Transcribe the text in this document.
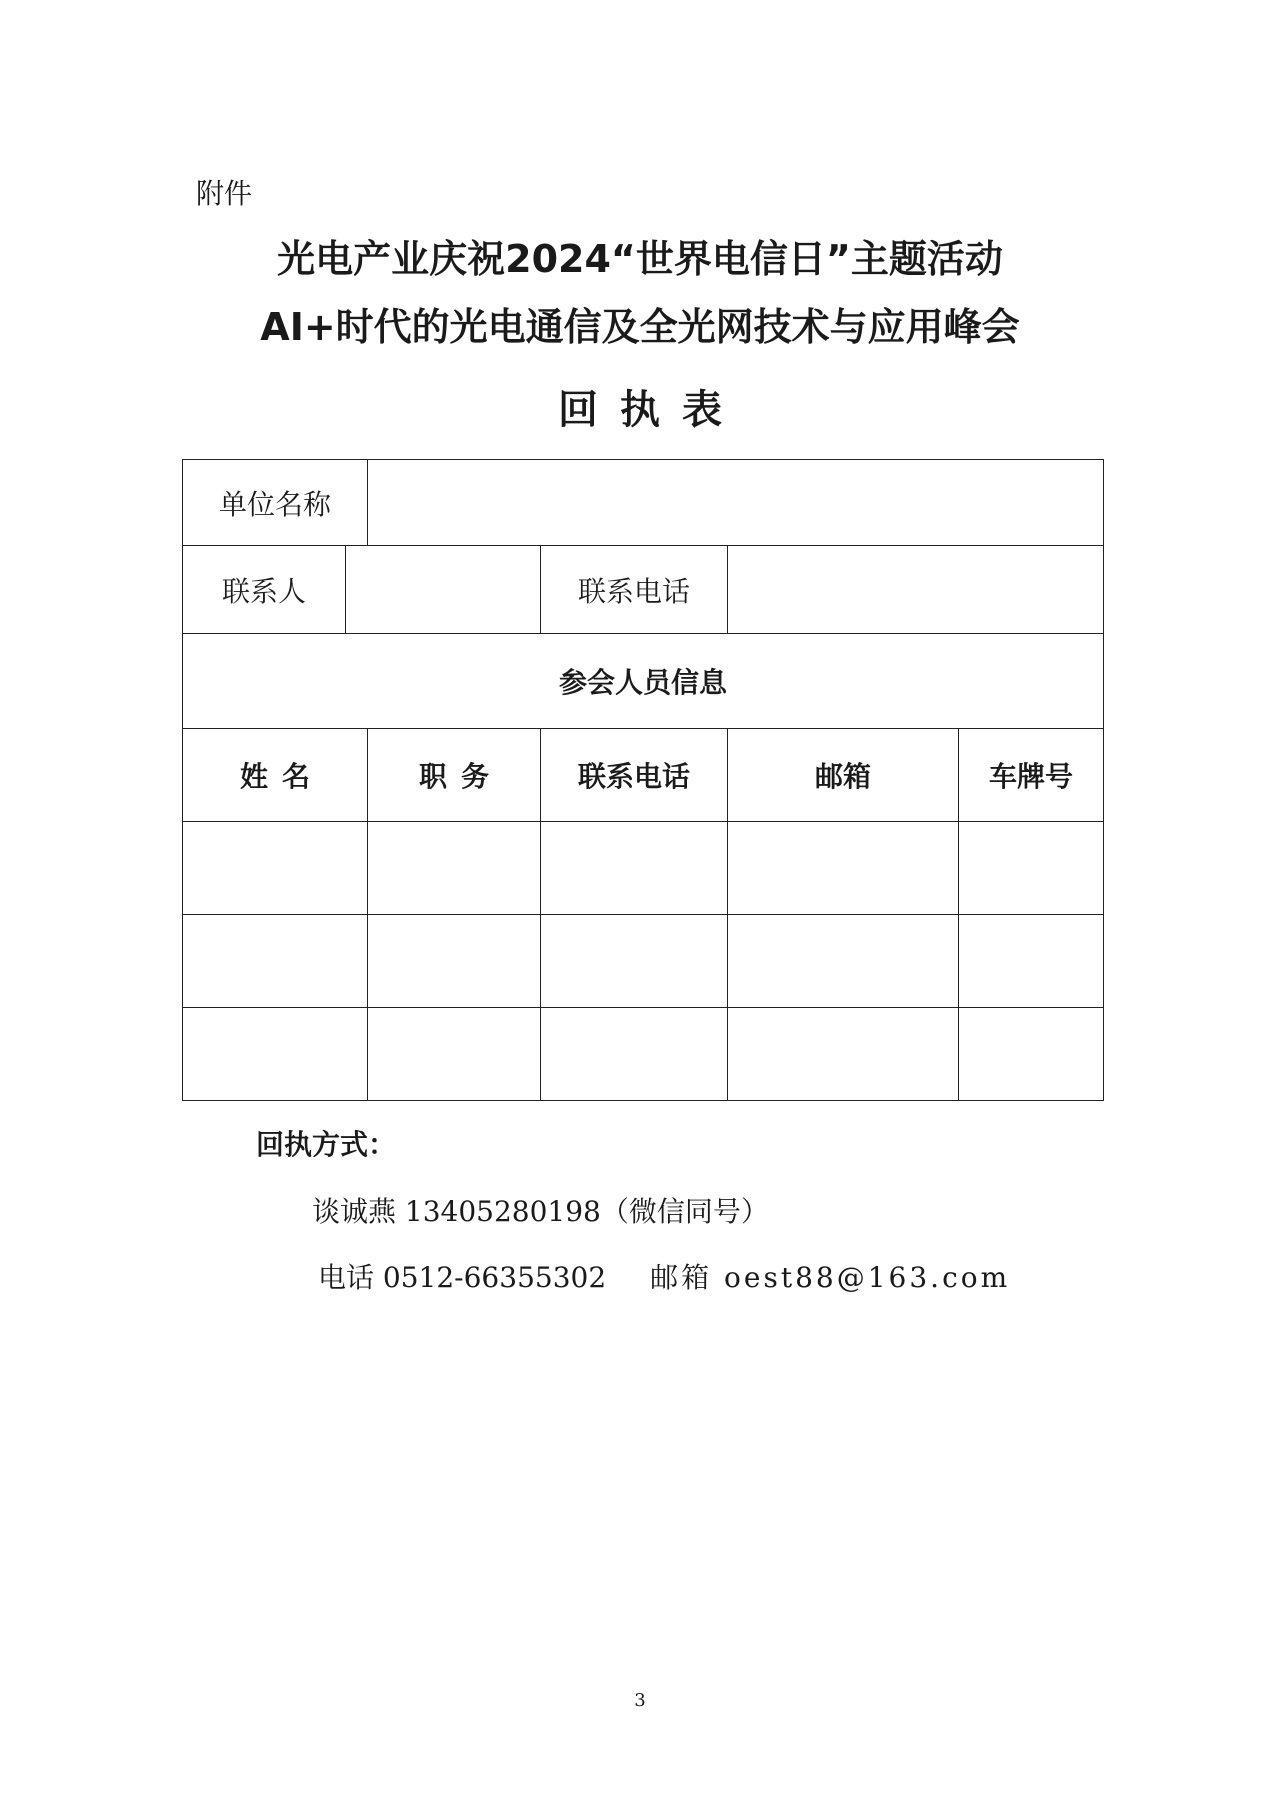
附件
光电产业庆祝2024“世界电信日”主题活动
AI+时代的光电通信及全光网技术与应用峰会
回执表
单位名称					
联系人			联系电话		
参会人员信息					
姓名		职务	联系电话	邮箱	车牌号

回执方式：
谈诚燕 13405280198（微信同号）
电话 0512-66355302 邮箱 oest88@163.com
3
